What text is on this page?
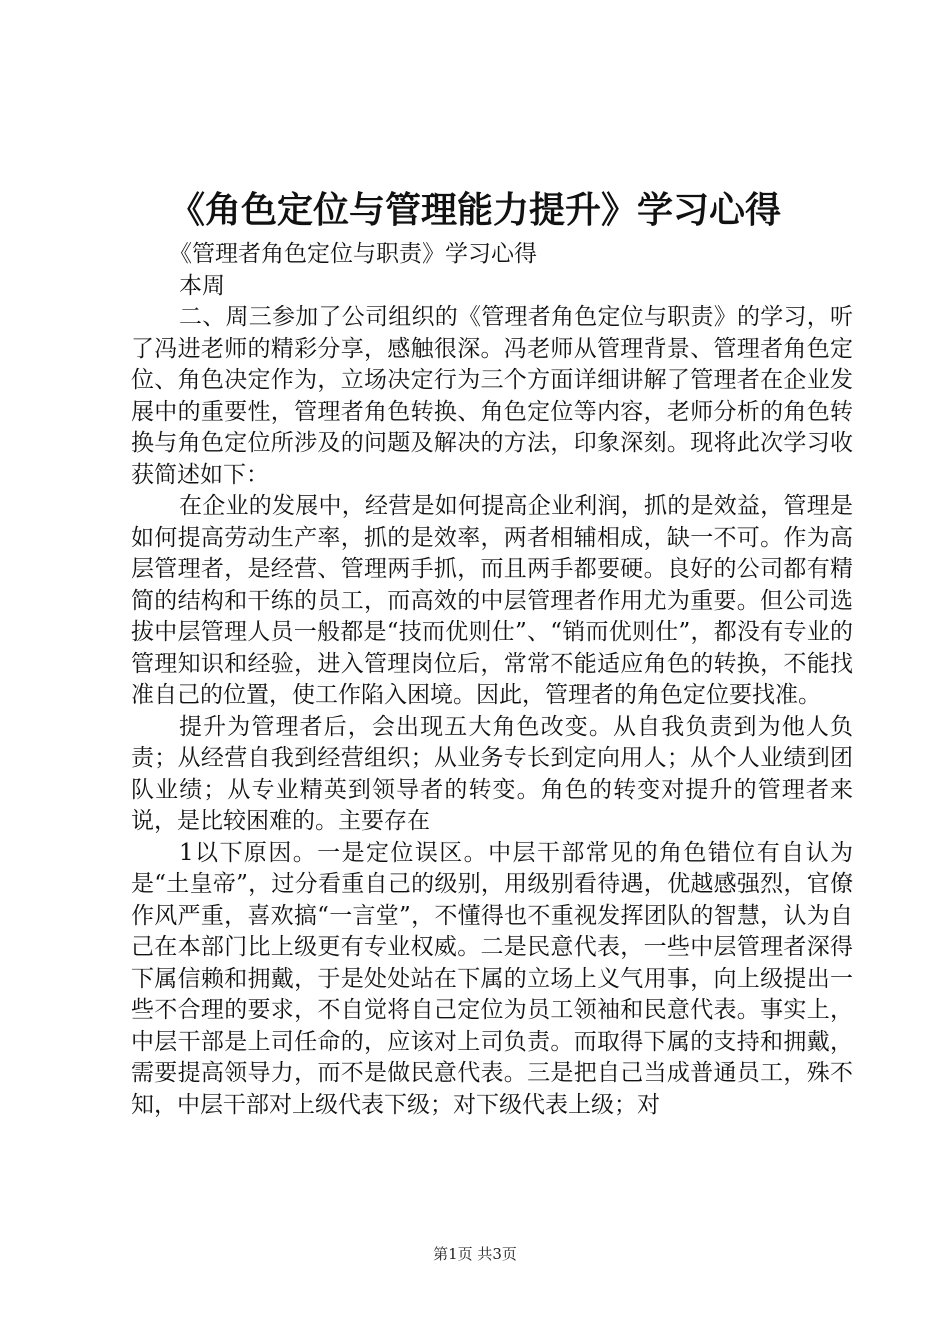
《角色定位与管理能力提升》学习心得

《管理者角色定位与职责》学习心得

本周

二、周三参加了公司组织的《管理者角色定位与职责》的学习，听了冯进老师的精彩分享，感触很深。冯老师从管理背景、管理者角色定位、角色决定作为，立场决定行为三个方面详细讲解了管理者在企业发展中的重要性，管理者角色转换、角色定位等内容，老师分析的角色转换与角色定位所涉及的问题及解决的方法，印象深刻。现将此次学习收获简述如下：

在企业的发展中，经营是如何提高企业利润，抓的是效益，管理是如何提高劳动生产率，抓的是效率，两者相辅相成，缺一不可。作为高层管理者，是经营、管理两手抓，而且两手都要硬。良好的公司都有精简的结构和干练的员工，而高效的中层管理者作用尤为重要。但公司选拔中层管理人员一般都是“技而优则仕”、“销而优则仕”，都没有专业的管理知识和经验，进入管理岗位后，常常不能适应角色的转换，不能找准自己的位置，使工作陷入困境。因此，管理者的角色定位要找准。

提升为管理者后，会出现五大角色改变。从自我负责到为他人负责；从经营自我到经营组织；从业务专长到定向用人；从个人业绩到团队业绩；从专业精英到领导者的转变。角色的转变对提升的管理者来说，是比较困难的。主要存在

1以下原因。一是定位误区。中层干部常见的角色错位有自认为是“土皇帝”，过分看重自己的级别，用级别看待遇，优越感强烈，官僚作风严重，喜欢搞“一言堂”，不懂得也不重视发挥团队的智慧，认为自己在本部门比上级更有专业权威。二是民意代表，一些中层管理者深得下属信赖和拥戴，于是处处站在下属的立场上义气用事，向上级提出一些不合理的要求，不自觉将自己定位为员工领袖和民意代表。事实上，中层干部是上司任命的，应该对上司负责。而取得下属的支持和拥戴，需要提高领导力，而不是做民意代表。三是把自己当成普通员工，殊不知，中层干部对上级代表下级；对下级代表上级；对

第1页 共3页
